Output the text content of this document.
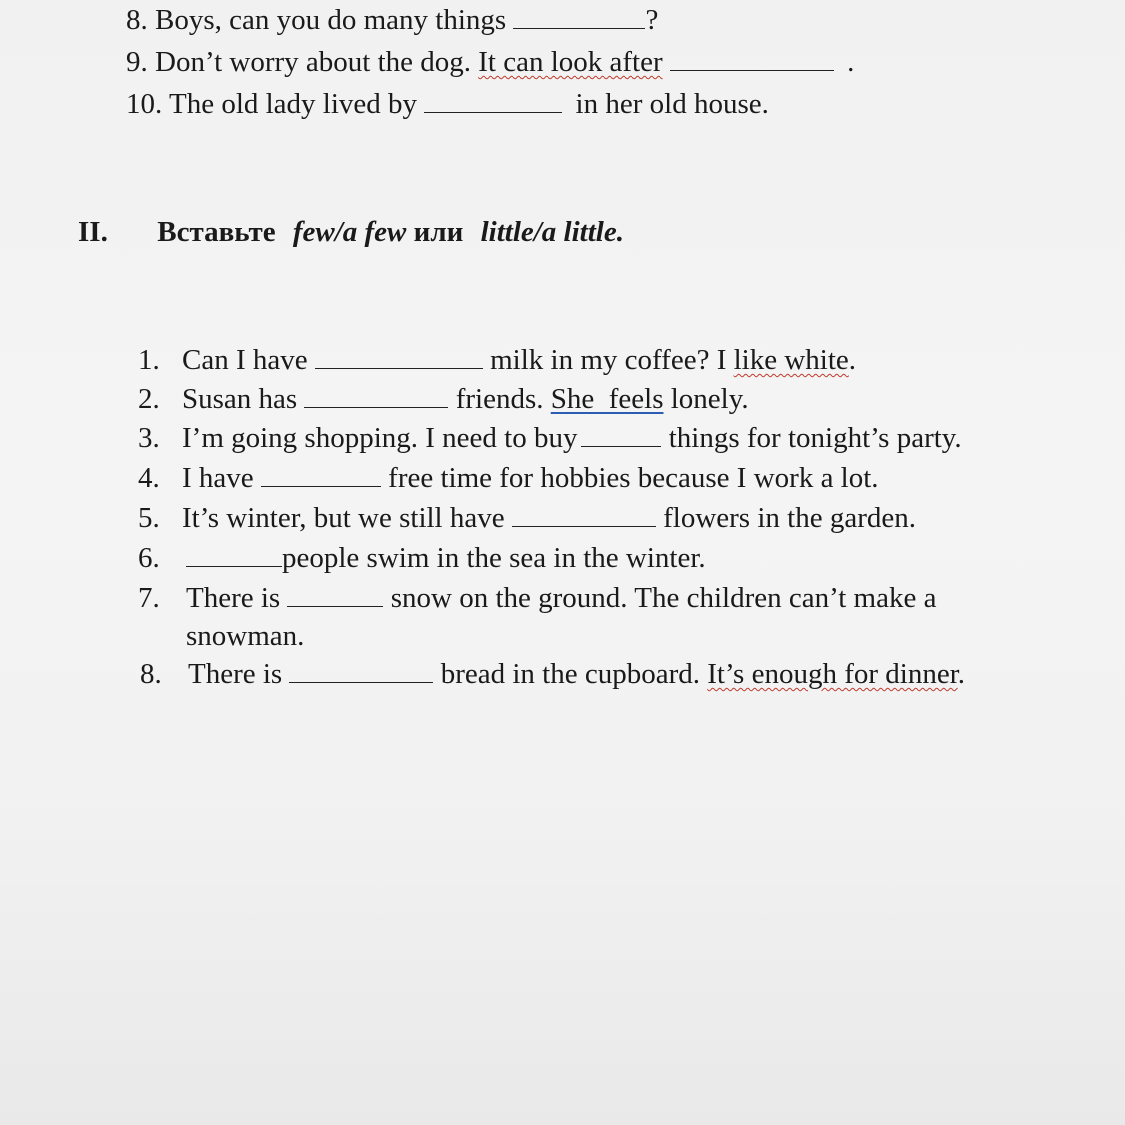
8. Boys, can you do many things	?
9. Don’t worry about the dog. It can look after	.
10. The old lady lived by	in her old house.
II. Вставьте few/a few или little/a little.
1. Can I have	milk in my coffee? I like white.
2. Susan has	friends. She  feels lonely.
3. I’m going shopping. I need to buy	things for tonight’s party.
4. I have	free time for hobbies because I work a lot.
5. It’s winter, but we still have	flowers in the garden.
6.	people swim in the sea in the winter.
7. There is	snow on the ground. The children can’t make a
snowman.
8. There is	bread in the cupboard. It’s enough for dinner.
